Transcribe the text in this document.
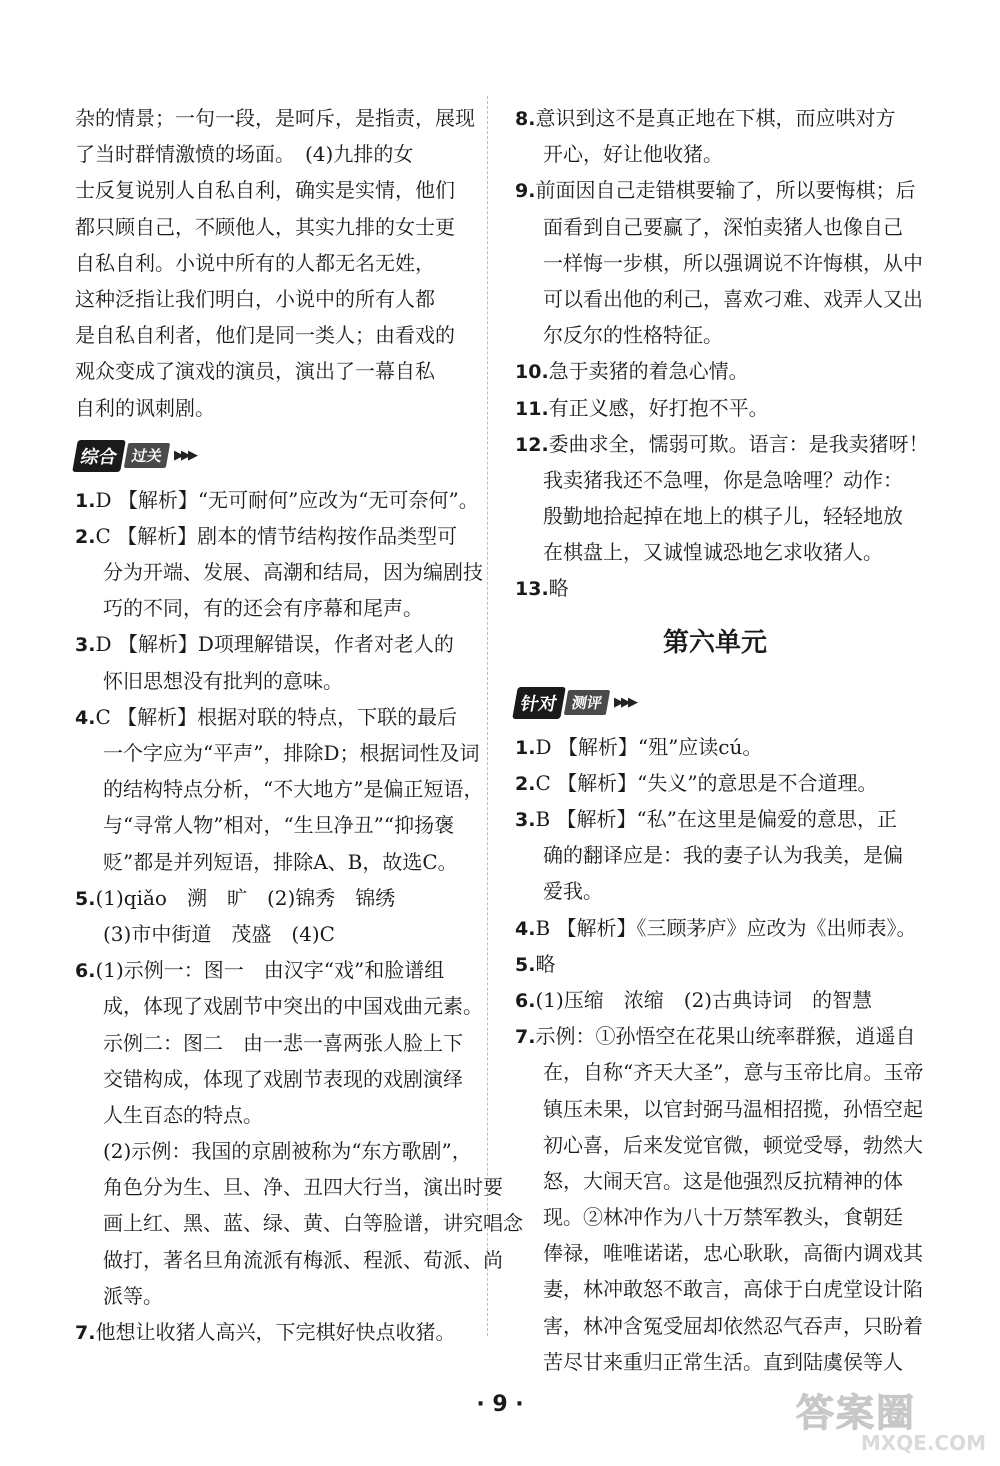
杂的情景；一句一段，是呵斥，是指责，展现
了当时群情激愤的场面。　(4)九排的女
士反复说别人自私自利，确实是实情，他们
都只顾自己，不顾他人，其实九排的女士更
自私自利。小说中所有的人都无名无姓，
这种泛指让我们明白，小说中的所有人都
是自私自利者，他们是同一类人；由看戏的
观众变成了演戏的演员，演出了一幕自私
自利的讽刺剧。
综合 过关 ▶▶▶
1.D 【解析】“无可耐何”应改为“无可奈何”。
2.C 【解析】剧本的情节结构按作品类型可
分为开端、发展、高潮和结局，因为编剧技
巧的不同，有的还会有序幕和尾声。
3.D 【解析】D项理解错误，作者对老人的
怀旧思想没有批判的意味。
4.C 【解析】根据对联的特点，下联的最后
一个字应为“平声”，排除D；根据词性及词
的结构特点分析，“不大地方”是偏正短语，
与“寻常人物”相对，“生旦净丑”“抑扬褒
贬”都是并列短语，排除A、B，故选C。
5.(1)qiǎo　溯　旷　(2)锦秀　锦绣
(3)市中街道　茂盛　(4)C
6.(1)示例一：图一　由汉字“戏”和脸谱组
成，体现了戏剧节中突出的中国戏曲元素。
示例二：图二　由一悲一喜两张人脸上下
交错构成，体现了戏剧节表现的戏剧演绎
人生百态的特点。
(2)示例：我国的京剧被称为“东方歌剧”，
角色分为生、旦、净、丑四大行当，演出时要
画上红、黑、蓝、绿、黄、白等脸谱，讲究唱念
做打，著名旦角流派有梅派、程派、荀派、尚
派等。
7.他想让收猪人高兴，下完棋好快点收猪。
8.意识到这不是真正地在下棋，而应哄对方
开心，好让他收猪。
9.前面因自己走错棋要输了，所以要悔棋；后
面看到自己要赢了，深怕卖猪人也像自己
一样悔一步棋，所以强调说不许悔棋，从中
可以看出他的利己，喜欢刁难、戏弄人又出
尔反尔的性格特征。
10.急于卖猪的着急心情。
11.有正义感，好打抱不平。
12.委曲求全，懦弱可欺。语言：是我卖猪呀！
我卖猪我还不急哩，你是急啥哩？动作：
殷勤地拾起掉在地上的棋子儿，轻轻地放
在棋盘上，又诚惶诚恐地乞求收猪人。
13.略
第六单元
针对 测评 ▶▶▶
1.D 【解析】“殂”应读cú。
2.C 【解析】“失义”的意思是不合道理。
3.B 【解析】“私”在这里是偏爱的意思，正
确的翻译应是：我的妻子认为我美，是偏
爱我。
4.B 【解析】《三顾茅庐》应改为《出师表》。
5.略
6.(1)压缩　浓缩　(2)古典诗词　的智慧
7.示例：①孙悟空在花果山统率群猴，逍遥自
在，自称“齐天大圣”，意与玉帝比肩。玉帝
镇压未果，以官封弼马温相招揽，孙悟空起
初心喜，后来发觉官微，顿觉受辱，勃然大
怒，大闹天宫。这是他强烈反抗精神的体
现。②林冲作为八十万禁军教头，食朝廷
俸禄，唯唯诺诺，忠心耿耿，高衙内调戏其
妻，林冲敢怒不敢言，高俅于白虎堂设计陷
害，林冲含冤受屈却依然忍气吞声，只盼着
苦尽甘来重归正常生活。直到陆虞侯等人
· 9 ·	答案圈
MXQE.COM
